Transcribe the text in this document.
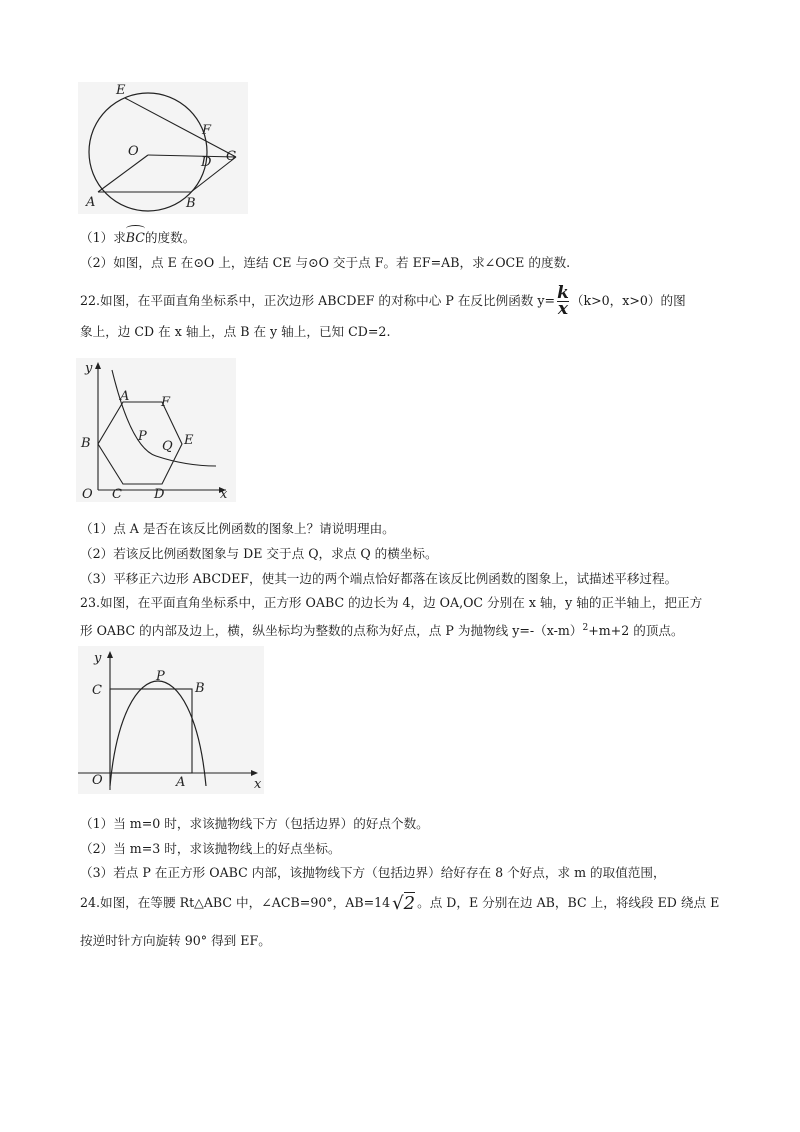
E
F
O
D C
A	B
（1）求BC的度数。
（2）如图，点 E 在⊙O 上，连结 CE 与⊙O 交于点 F。若 EF=AB，求∠OCE 的度数.
22.如图，在平面直角坐标系中，正次边形 ABCDEF 的对称中心 P 在反比例函数 $y= \frac{k}{x} (k>0$，x>0）的图
象上，边 CD 在 x 轴上，点 B 在 y 轴上，已知 CD=2.
y
A F
B	P
Q E
O C D	x
（1）点 A 是否在该反比例函数的图象上？请说明理由。
（2）若该反比例函数图象与 DE 交于点 Q，求点 Q 的横坐标。
（3）平移正六边形 ABCDEF，使其一边的两个端点恰好都落在该反比例函数的图象上，试描述平移过程。
23.如图，在平面直角坐标系中，正方形 OABC 的边长为 4，边 OA,OC 分别在 x 轴，y 轴的正半轴上，把正方
形 OABC 的内部及边上，横，纵坐标均为整数的点称为好点，点 P 为抛物线 $y=-(x-m)^2+m+2$ 的顶点。
y
P
C	B
O	A	x
（1）当 m=0 时，求该抛物线下方（包括边界）的好点个数。
（2）当 m=3 时，求该抛物线上的好点坐标。
（3）若点 P 在正方形 OABC 内部，该抛物线下方（包括边界）给好存在 8 个好点，求 m 的取值范围，
24.如图，在等腰 Rt△ABC 中，∠ACB=90°，AB=14 √2 。点 D，E 分别在边 AB，BC 上，将线段 ED 绕点 E
按逆时针方向旋转 90° 得到 EF。
